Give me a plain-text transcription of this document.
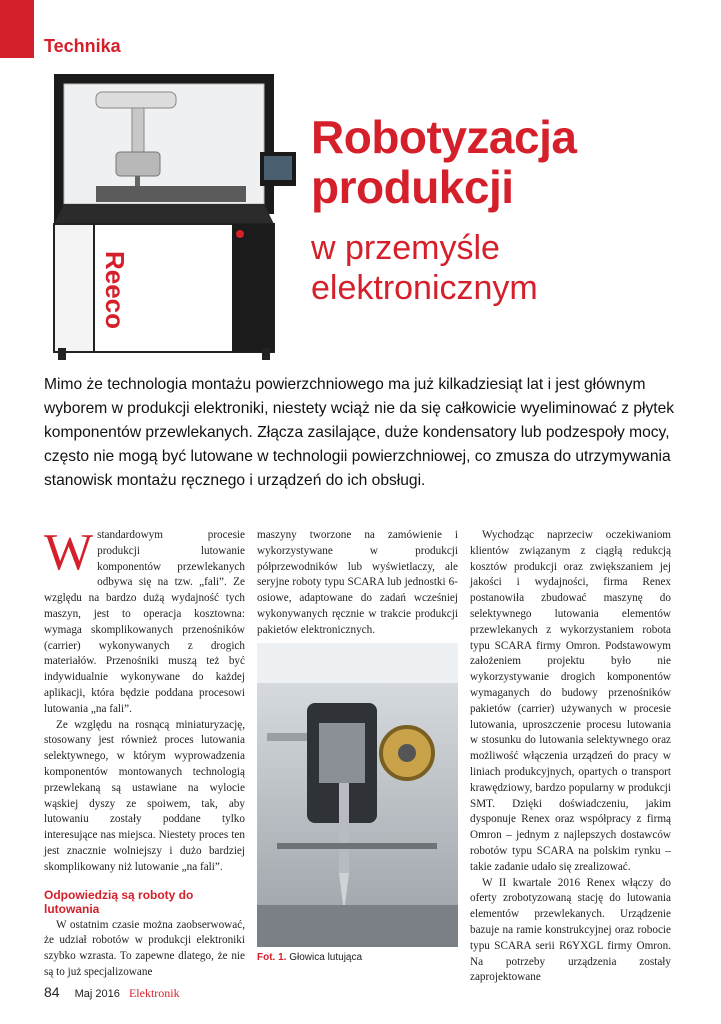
Technika
Reeco
Robotyzacja
produkcji
w przemyśle
elektronicznym
Mimo że technologia montażu powierzchniowego ma już kilkadziesiąt lat i jest głównym wyborem w produkcji elektroniki, niestety wciąż nie da się całkowicie wyeliminować z płytek komponentów przewlekanych. Złącza zasilające, duże kondensatory lub podzespoły mocy, często nie mogą być lutowane w technologii powierzchniowej, co zmusza do utrzymywania stanowisk montażu ręcznego i urządzeń do ich obsługi.
W standardowym procesie produkcji lutowanie komponentów przewlekanych odbywa się na tzw. „fali”. Ze względu na bardzo dużą wydajność tych maszyn, jest to operacja kosztowna: wymaga skomplikowanych przenośników (carrier) wykonywanych z drogich materiałów. Przenośniki muszą też być indywidualnie wykonywane do każdej aplikacji, która będzie poddana procesowi lutowania „na fali”.

Ze względu na rosnącą miniaturyzację, stosowany jest również proces lutowania selektywnego, w którym wyprowadzenia komponentów montowanych technologią przewlekaną są ustawiane na wylocie wąskiej dyszy ze spoiwem, tak, aby lutowaniu zostały poddane tylko interesujące nas miejsca. Niestety proces ten jest znacznie wolniejszy i dużo bardziej skomplikowany niż lutowanie „na fali”.

Odpowiedzią są roboty do lutowania

W ostatnim czasie można zaobserwować, że udział robotów w produkcji elektroniki szybko wzrasta. To zapewne dlatego, że nie są to już specjalizowane

maszyny tworzone na zamówienie i wykorzystywane w produkcji półprzewodników lub wyświetlaczy, ale seryjne roboty typu SCARA lub jednostki 6-osiowe, adaptowane do zadań wcześniej wykonywanych ręcznie w trakcie produkcji pakietów elektronicznych.

Fot. 1. Głowica lutująca

Wychodząc naprzeciw oczekiwaniom klientów związanym z ciągłą redukcją kosztów produkcji oraz zwiększaniem jej jakości i wydajności, firma Renex postanowiła zbudować maszynę do selektywnego lutowania elementów przewlekanych z wykorzystaniem robota typu SCARA firmy Omron. Podstawowym założeniem projektu było nie wykorzystywanie drogich komponentów wymaganych do budowy przenośników pakietów (carrier) używanych w procesie lutowania, uproszczenie procesu lutowania w stosunku do lutowania selektywnego oraz możliwość włączenia urządzeń do pracy w liniach produkcyjnych, opartych o transport krawędziowy, bardzo popularny w produkcji SMT. Dzięki doświadczeniu, jakim dysponuje Renex oraz współpracy z firmą Omron – jednym z najlepszych dostawców robotów typu SCARA na polskim rynku – takie zadanie udało się zrealizować.

W II kwartale 2016 Renex włączy do oferty zrobotyzowaną stację do lutowania elementów przewlekanych. Urządzenie bazuje na ramie konstrukcyjnej oraz robocie typu SCARA serii R6YXGL firmy Omron. Na potrzeby urządzenia zostały zaprojektowane

84 Maj 2016 Elektronik
